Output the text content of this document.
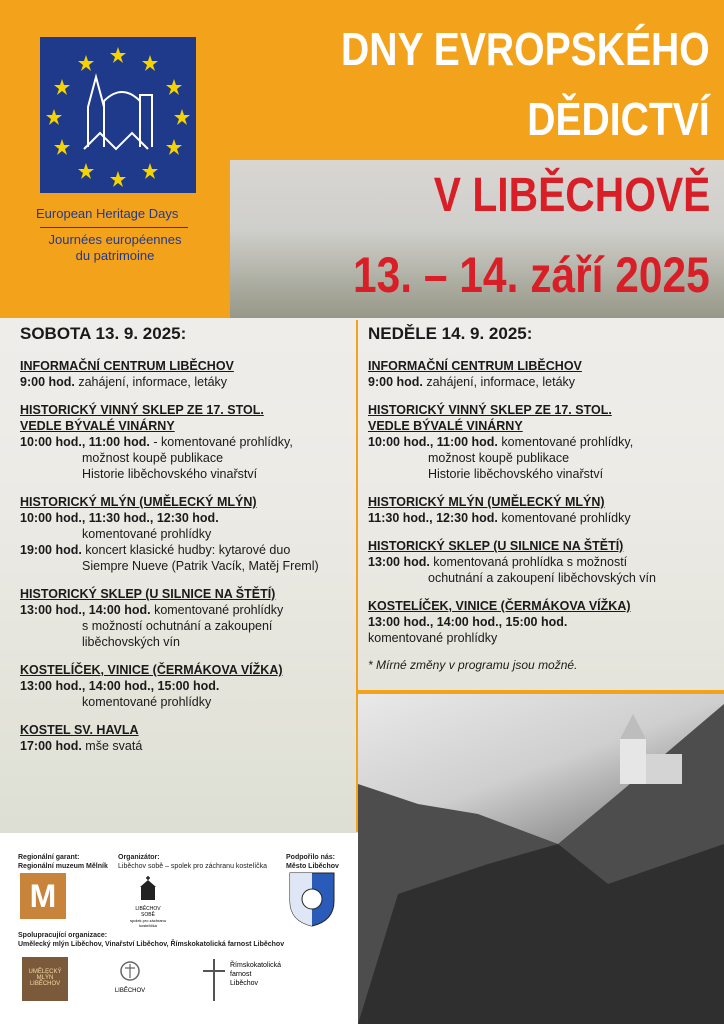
European Heritage Days
Journées européennes du patrimoine
DNY EVROPSKÉHO
DĚDICTVÍ
V LIBĚCHOVĚ
13. – 14. září 2025
SOBOTA 13. 9. 2025:
INFORMAČNÍ CENTRUM LIBĚCHOV
9:00 hod. zahájení, informace, letáky
HISTORICKÝ VINNÝ SKLEP ZE 17. STOL.
VEDLE BÝVALÉ VINÁRNY
10:00 hod., 11:00 hod. - komentované prohlídky,
možnost koupě publikace
Historie liběchovského vinařství
HISTORICKÝ MLÝN (UMĚLECKÝ MLÝN)
10:00 hod., 11:30 hod., 12:30 hod.
komentované prohlídky
19:00 hod. koncert klasické hudby: kytarové duo
Siempre Nueve (Patrik Vacík, Matěj Freml)
HISTORICKÝ SKLEP (U SILNICE NA ŠTĚTÍ)
13:00 hod., 14:00 hod. komentované prohlídky
s možností ochutnání a zakoupení
liběchovských vín
KOSTELÍČEK, VINICE (ČERMÁKOVA VÍŽKA)
13:00 hod., 14:00 hod., 15:00 hod.
komentované prohlídky
KOSTEL SV. HAVLA
17:00 hod. mše svatá
NEDĚLE 14. 9. 2025:
INFORMAČNÍ CENTRUM LIBĚCHOV
9:00 hod. zahájení, informace, letáky
HISTORICKÝ VINNÝ SKLEP ZE 17. STOL.
VEDLE BÝVALÉ VINÁRNY
10:00 hod., 11:00 hod. komentované prohlídky,
možnost koupě publikace
Historie liběchovského vinařství
HISTORICKÝ MLÝN (UMĚLECKÝ MLÝN)
11:30 hod., 12:30 hod. komentované prohlídky
HISTORICKÝ SKLEP (U SILNICE NA ŠTĚTÍ)
13:00 hod. komentovaná prohlídka s možností
ochutnání a zakoupení liběchovských vín
KOSTELÍČEK, VINICE (ČERMÁKOVA VÍŽKA)
13:00 hod., 14:00 hod., 15:00 hod.
komentované prohlídky
* Mírné změny v programu jsou možné.
Regionální garant:
Regionální muzeum Mělník
M
Organizátor:
Liběchov sobě – spolek pro záchranu kostelíčka
LIBĚCHOV SOBĚ
spolek pro záchranu kostelíčka
Podpořilo nás:
Město Liběchov
Spolupracující organizace:
Umělecký mlýn Liběchov, Vinařství Liběchov, Římskokatolická farnost Liběchov
UMĚLECKÝ MLÝN LIBĚCHOV
LIBĚCHOV
Římskokatolická farnost Liběchov
